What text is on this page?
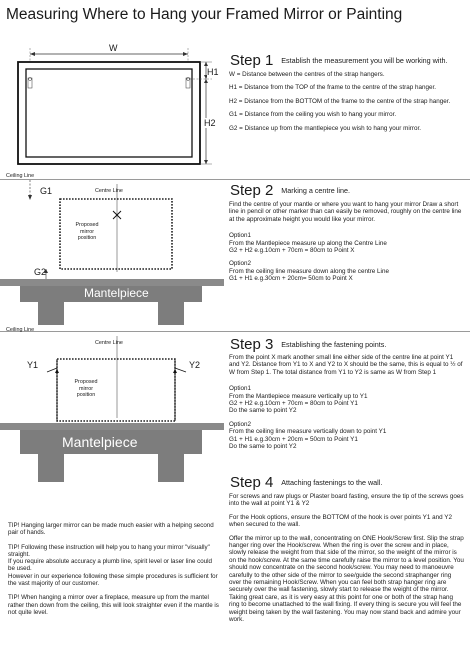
Measuring Where to Hang your Framed Mirror or Painting
W
H1
H2
Step 1 $^{Establish the measurement you will be working with.}$

W = Distance between the centres of the strap hangers.

H1 = Distance from the TOP of the frame to the centre of the strap hanger.

H2 = Distance from the BOTTOM of the frame to the centre of the strap hanger.

G1 = Distance from the ceiling you wish to hang your mirror.

G2 = Distance up from the mantlepiece you wish to hang your mirror.

Ceiling Line
Centre Line
G1
G2
Proposed
mirror
position
Mantelpiece
Step 2 $^{Marking a centre line.}$

Find the centre of your mantle or where you want to hang your mirror Draw a short line in pencil or other marker than can easily be removed, roughly on the centre line at the approximate height you would like your mirror.

Option1
From the Mantlepiece measure up along the Centre Line
G2 + H2 e.g.10cm + 70cm = 80cm to Point X

Option2
From the ceiling line measure down along the centre Line
G1 + H1 e.g.30cm + 20cm= 50cm to Point X

Ceiling Line
Centre Line
Y1	Y2
Proposed
mirror
position
Mantelpiece
Step 3 $^{Establishing the fastening points.}$

From the point X mark another small line either side of the centre line at point Y1 and Y2. Distance from Y1 to X and Y2 to X should be the same, this is equal to ½ of W from Step 1. The total distance from Y1 to Y2 is same as W from Step 1

Option1
From the Mantlepiece measure vertically up to Y1
G2 + H2 e.g.10cm + 70cm = 80cm to Point Y1
Do the same to point Y2

Option2
From the ceiling line measure vertically down to point Y1
G1 + H1 e.g.30cm + 20cm = 50cm to Point Y1
Do the same to point Y2

Step 4 $^{Attaching fastenings to the wall.}$

For screws and raw plugs or Plaster board fasting, ensure the tip of the screws goes into the wall at point Y1 & Y2

For the Hook options, ensure the BOTTOM of the hook is over points Y1 and Y2 when secured to the wall.

Offer the mirror up to the wall, concentrating on ONE Hook/Screw first. Slip the strap hanger ring over the Hook/screw. When the ring is over the screw and in place, slowly release the weight from that side of the mirror, so the weight of the mirror is on the hook/screw. At the same time carefully raise the mirror to a level position. You should now concentrate on the second hook/screw. You may need to manoeuvre carefully to the other side of the mirror to see/guide the second straphanger ring over the remaining Hook/Screw. When you can feel both strap hanger ring are securely over the wall fastening, slowly start to release the weight of the mirror. Taking great care, as it is very easy at this point for one or both of the strap hang ring to become unattached to the wall fixing. If every thing is secure you will feel the weight being taken by the wall fastening. You may now stand back and admire your work.

TIP! Hanging larger mirror can be made much easier with a helping second pair of hands.

TIP! Following these instruction will help you to hang your mirror "visually" straight.
If you require absolute accuracy a plumb line, spirit level or laser line could be used.
However in our experience following these simple procedures is sufficient for the vast majority of our customer.

TIP! When hanging a mirror over a fireplace, measure up from the mantel rather then down from the ceiling, this will look straighter even if the mantle is not quite level.
